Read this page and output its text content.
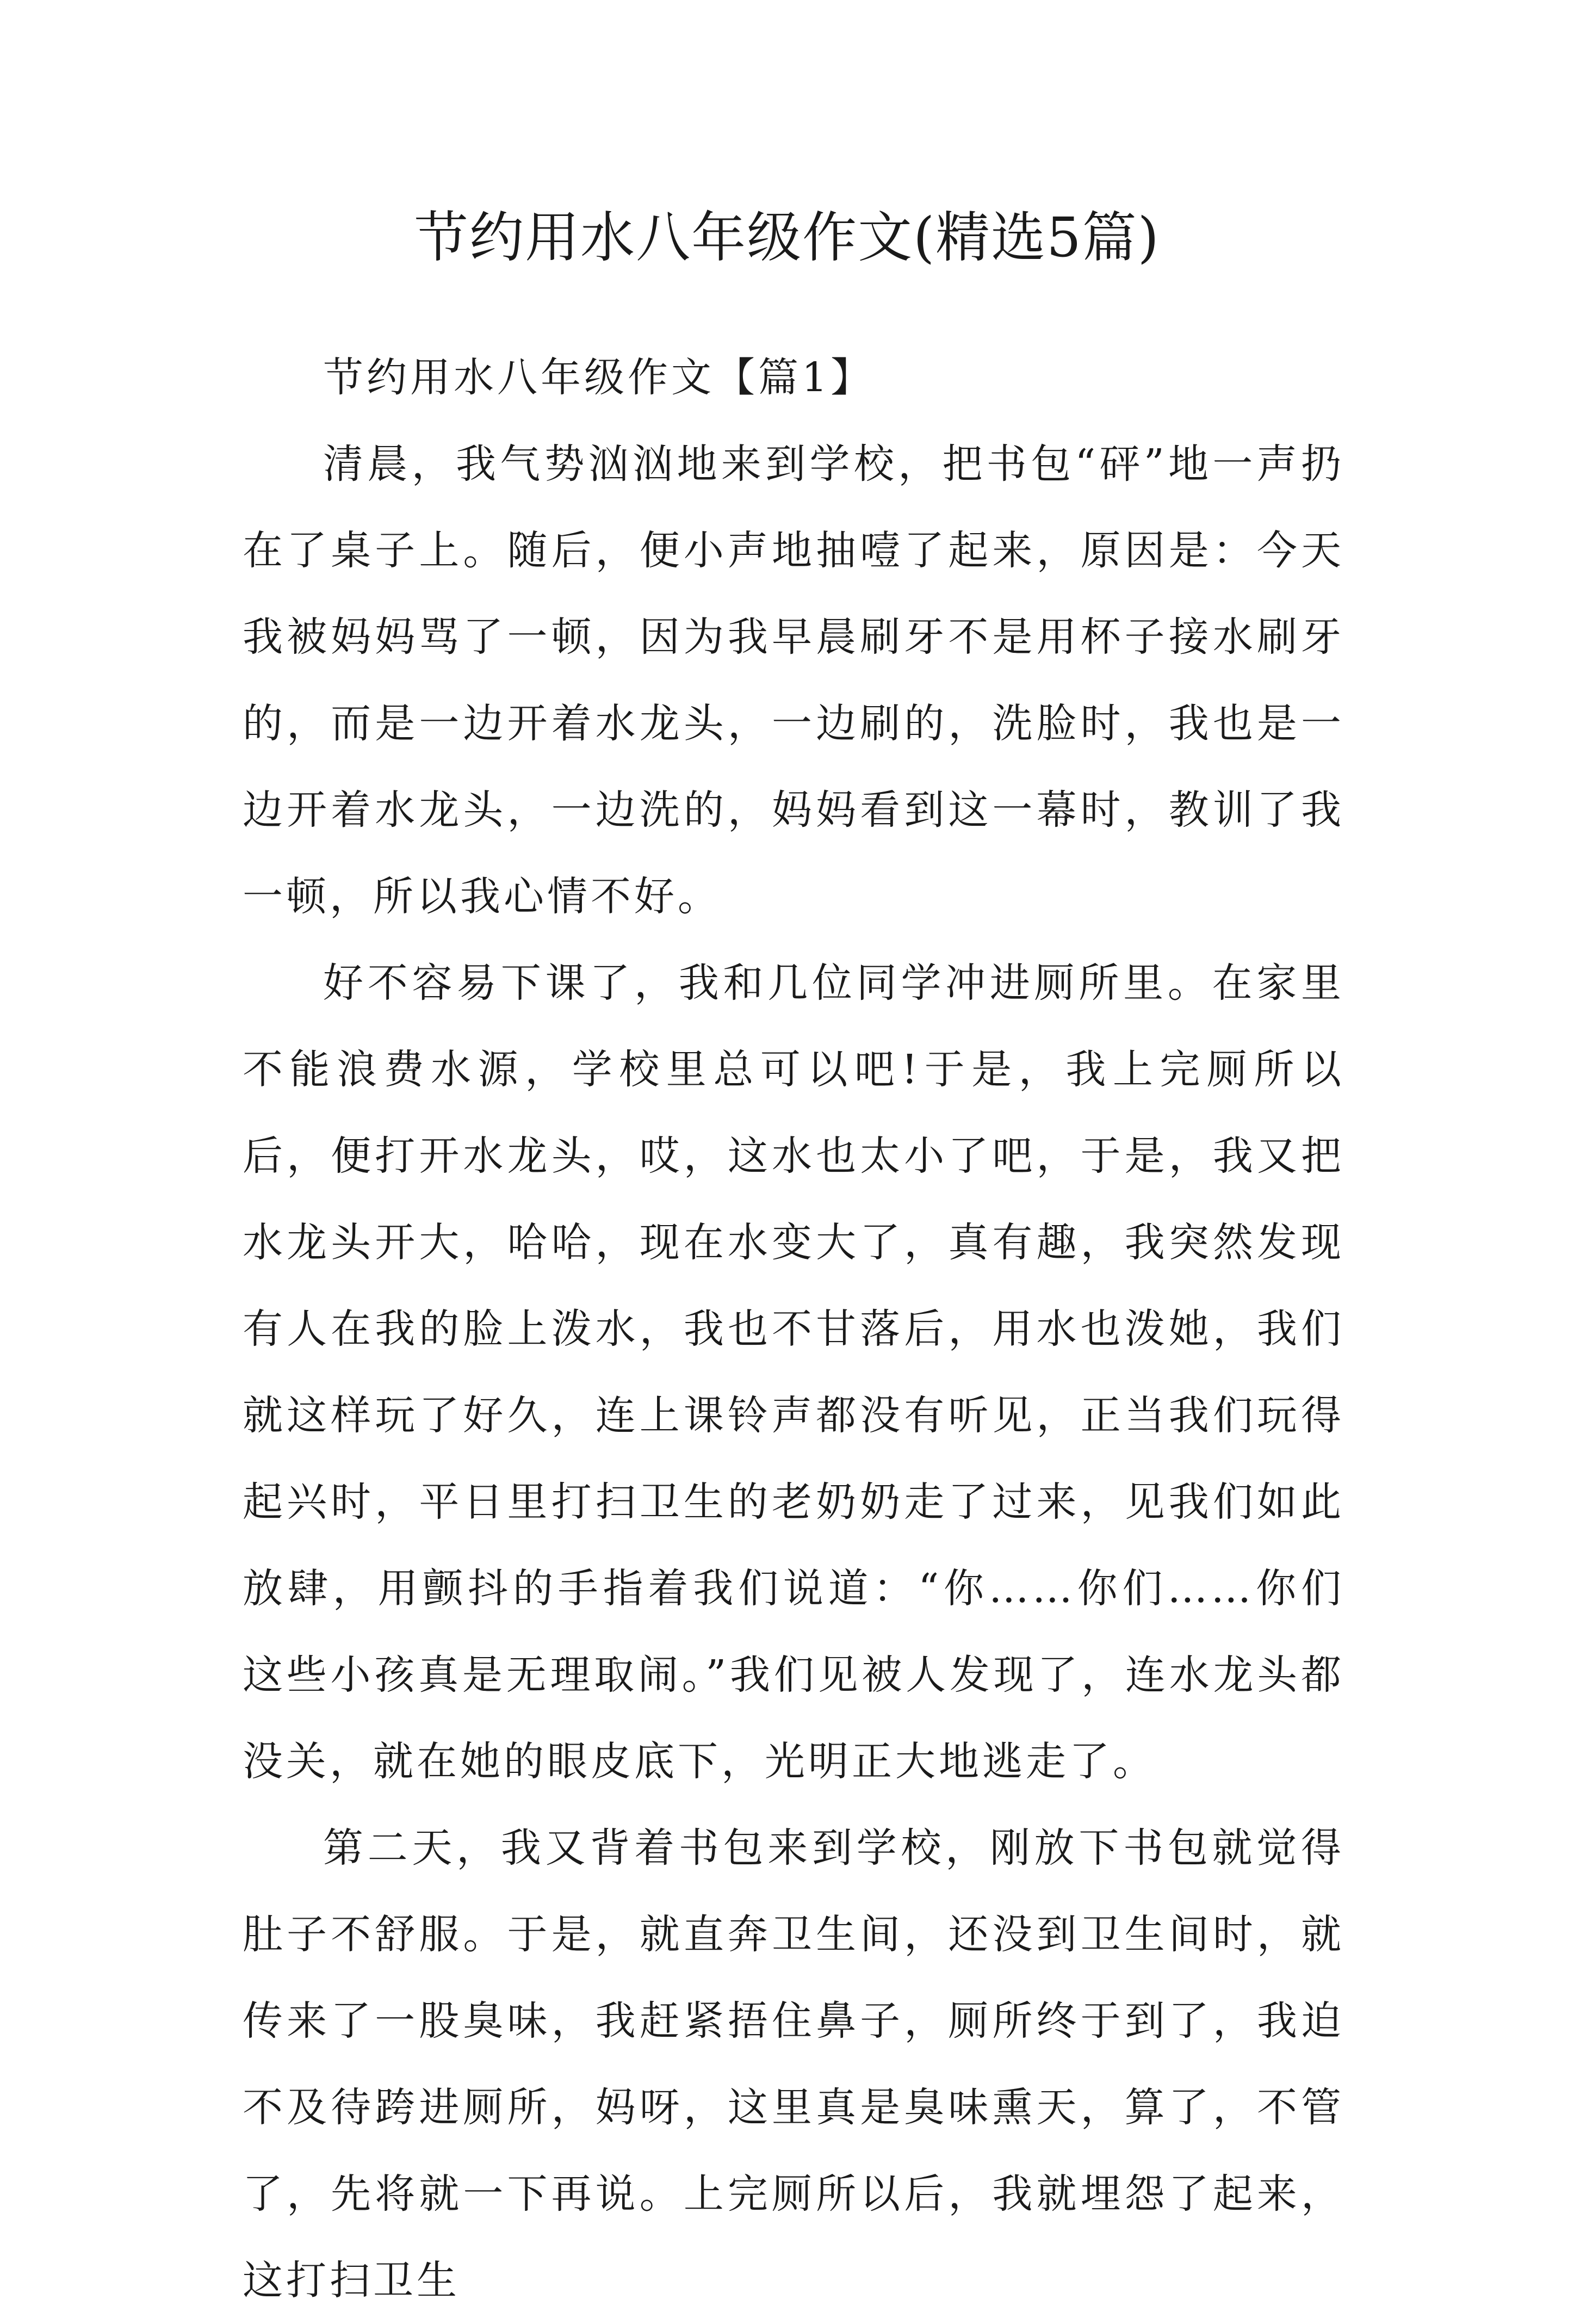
节约用水八年级作文(精选5篇)
节约用水八年级作文【篇1】

清晨，我气势汹汹地来到学校，把书包“砰”地一声扔在了桌子上。随后，便小声地抽噎了起来，原因是：今天我被妈妈骂了一顿，因为我早晨刷牙不是用杯子接水刷牙的，而是一边开着水龙头，一边刷的，洗脸时，我也是一边开着水龙头，一边洗的，妈妈看到这一幕时，教训了我一顿，所以我心情不好。

好不容易下课了，我和几位同学冲进厕所里。在家里不能浪费水源，学校里总可以吧!于是，我上完厕所以后，便打开水龙头，哎，这水也太小了吧，于是，我又把水龙头开大，哈哈，现在水变大了，真有趣，我突然发现有人在我的脸上泼水，我也不甘落后，用水也泼她，我们就这样玩了好久，连上课铃声都没有听见，正当我们玩得起兴时，平日里打扫卫生的老奶奶走了过来，见我们如此放肆，用颤抖的手指着我们说道：“你……你们……你们这些小孩真是无理取闹。”我们见被人发现了，连水龙头都没关，就在她的眼皮底下，光明正大地逃走了。

第二天，我又背着书包来到学校，刚放下书包就觉得肚子不舒服。于是，就直奔卫生间，还没到卫生间时，就传来了一股臭味，我赶紧捂住鼻子，厕所终于到了，我迫不及待跨进厕所，妈呀，这里真是臭味熏天，算了，不管了，先将就一下再说。上完厕所以后，我就埋怨了起来，这打扫卫生
